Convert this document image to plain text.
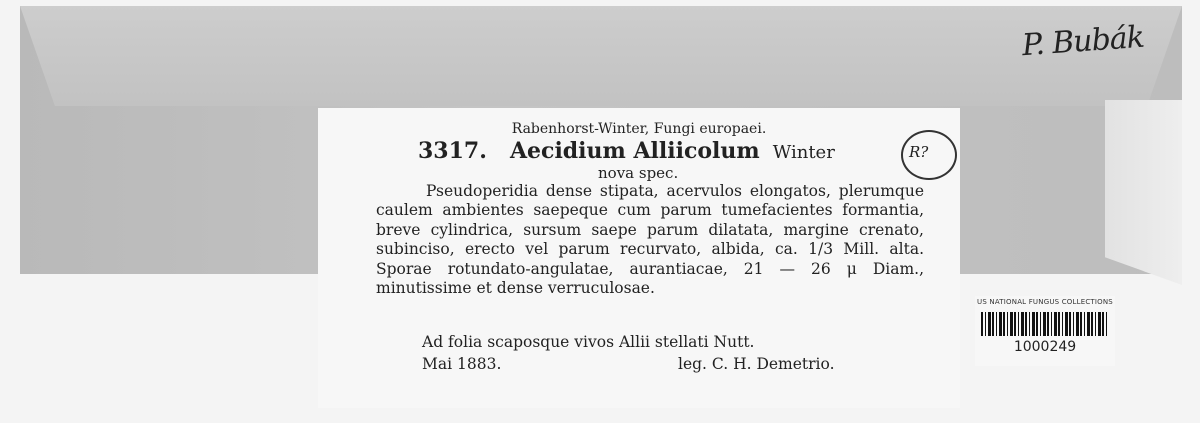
P. Bubák
Rabenhorst-Winter, Fungi europaei.
3317. Aecidium Alliicolum Winter	R?
nova spec.
Pseudoperidia dense stipata, acervulos elongatos, plerumque caulem ambientes saepeque cum parum tumefacientes formantia, breve cylindrica, sursum saepe parum dilatata, margine crenato, subinciso, erecto vel parum recurvato, albida, ca. 1/3 Mill. alta. Sporae rotundato-angulatae, aurantiacae, 21 — 26 μ Diam., minutissime et dense verruculosae.
Ad folia scaposque vivos Allii stellati Nutt.
Mai 1883.	leg. C. H. Demetrio.
US NATIONAL FUNGUS COLLECTIONS
1000249
